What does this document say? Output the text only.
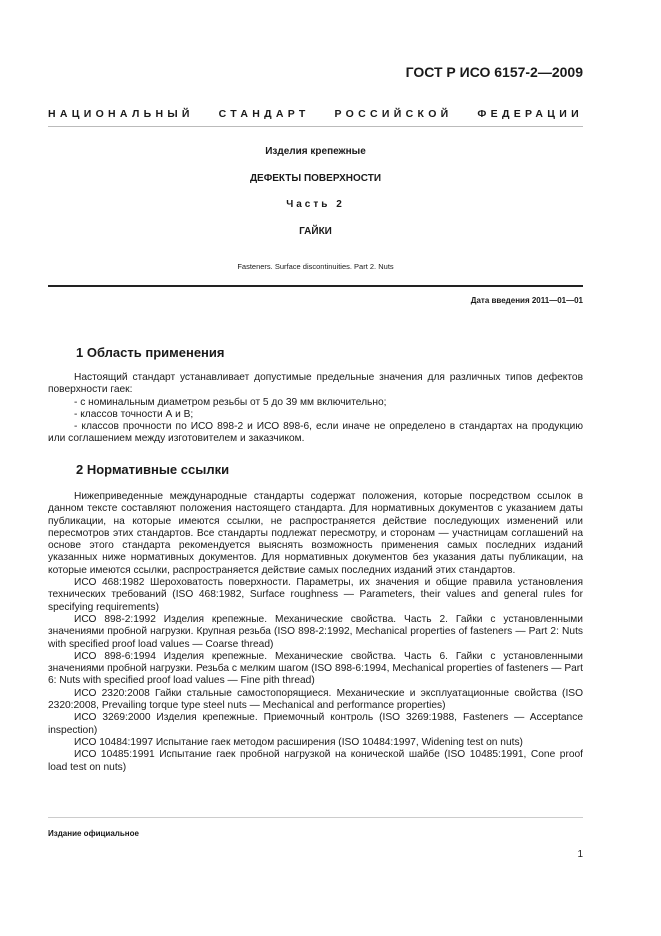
ГОСТ Р ИСО 6157-2—2009
НАЦИОНАЛЬНЫЙ СТАНДАРТ РОССИЙСКОЙ ФЕДЕРАЦИИ
Изделия крепежные
ДЕФЕКТЫ ПОВЕРХНОСТИ
Часть 2
ГАЙКИ
Fasteners. Surface discontinuities. Part 2. Nuts
Дата введения 2011—01—01
1 Область применения

Настоящий стандарт устанавливает допустимые предельные значения для различных типов дефектов поверхности гаек:

- с номинальным диаметром резьбы от 5 до 39 мм включительно;

- классов точности А и В;

- классов прочности по ИСО 898-2 и ИСО 898-6, если иначе не определено в стандартах на продукцию или соглашением между изготовителем и заказчиком.

2 Нормативные ссылки

Нижеприведенные международные стандарты содержат положения, которые посредством ссылок в данном тексте составляют положения настоящего стандарта. Для нормативных документов с указанием даты публикации, на которые имеются ссылки, не распространяется действие последующих изменений или пересмотров этих стандартов. Все стандарты подлежат пересмотру, и сторонам — участницам соглашений на основе этого стандарта рекомендуется выяснять возможность применения самых последних изданий указанных ниже нормативных документов. Для нормативных документов без указания даты публикации, на которые имеются ссылки, распространяется действие самых последних изданий этих стандартов.

ИСО 468:1982 Шероховатость поверхности. Параметры, их значения и общие правила установления технических требований (ISO 468:1982, Surface roughness — Parameters, their values and general rules for specifying requirements)

ИСО 898-2:1992 Изделия крепежные. Механические свойства. Часть 2. Гайки с установленными значениями пробной нагрузки. Крупная резьба (ISO 898-2:1992, Mechanical properties of fasteners — Part 2: Nuts with specified proof load values — Coarse thread)

ИСО 898-6:1994 Изделия крепежные. Механические свойства. Часть 6. Гайки с установленными значениями пробной нагрузки. Резьба с мелким шагом (ISO 898-6:1994, Mechanical properties of fasteners — Part 6: Nuts with specified proof load values — Fine pith thread)

ИСО 2320:2008 Гайки стальные самостопорящиеся. Механические и эксплуатационные свойства (ISO 2320:2008, Prevailing torque type steel nuts — Mechanical and performance properties)

ИСО 3269:2000 Изделия крепежные. Приемочный контроль (ISO 3269:1988, Fasteners — Acceptance inspection)

ИСО 10484:1997 Испытание гаек методом расширения (ISO 10484:1997, Widening test on nuts)

ИСО 10485:1991 Испытание гаек пробной нагрузкой на конической шайбе (ISO 10485:1991, Cone proof load test on nuts)

Издание официальное
1
